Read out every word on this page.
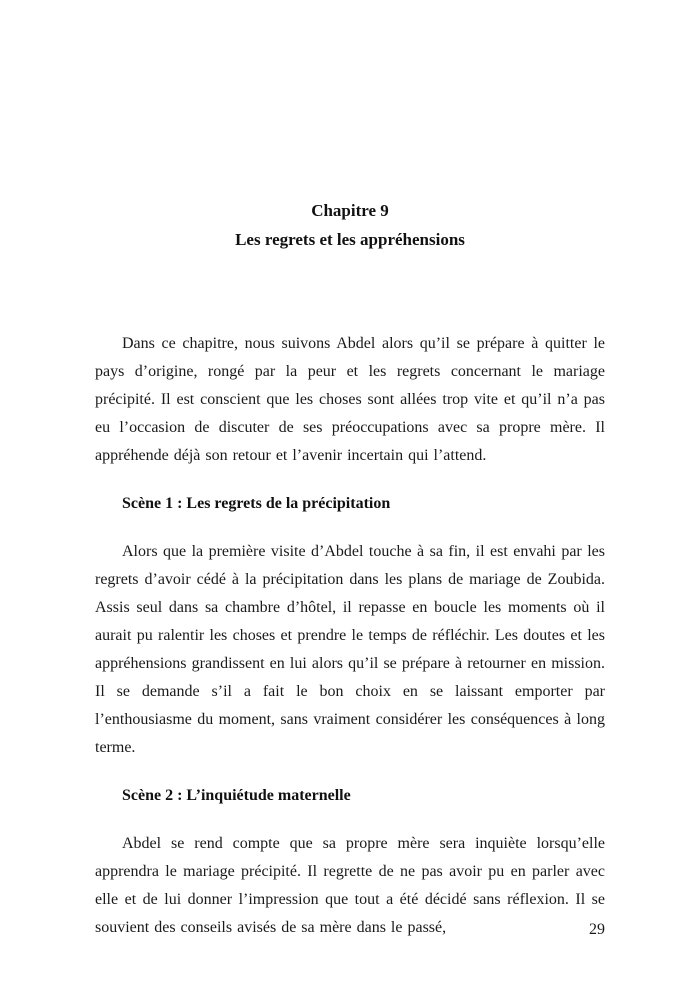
Chapitre 9
Les regrets et les appréhensions

Dans ce chapitre, nous suivons Abdel alors qu’il se prépare à quitter le pays d’origine, rongé par la peur et les regrets concernant le mariage précipité. Il est conscient que les choses sont allées trop vite et qu’il n’a pas eu l’occasion de discuter de ses préoccupations avec sa propre mère. Il appréhende déjà son retour et l’avenir incertain qui l’attend.

Scène 1 : Les regrets de la précipitation

Alors que la première visite d’Abdel touche à sa fin, il est envahi par les regrets d’avoir cédé à la précipitation dans les plans de mariage de Zoubida. Assis seul dans sa chambre d’hôtel, il repasse en boucle les moments où il aurait pu ralentir les choses et prendre le temps de réfléchir. Les doutes et les appréhensions grandissent en lui alors qu’il se prépare à retourner en mission. Il se demande s’il a fait le bon choix en se laissant emporter par l’enthousiasme du moment, sans vraiment considérer les conséquences à long terme.

Scène 2 : L’inquiétude maternelle

Abdel se rend compte que sa propre mère sera inquiète lorsqu’elle apprendra le mariage précipité. Il regrette de ne pas avoir pu en parler avec elle et de lui donner l’impression que tout a été décidé sans réflexion. Il se souvient des conseils avisés de sa mère dans le passé,	29
